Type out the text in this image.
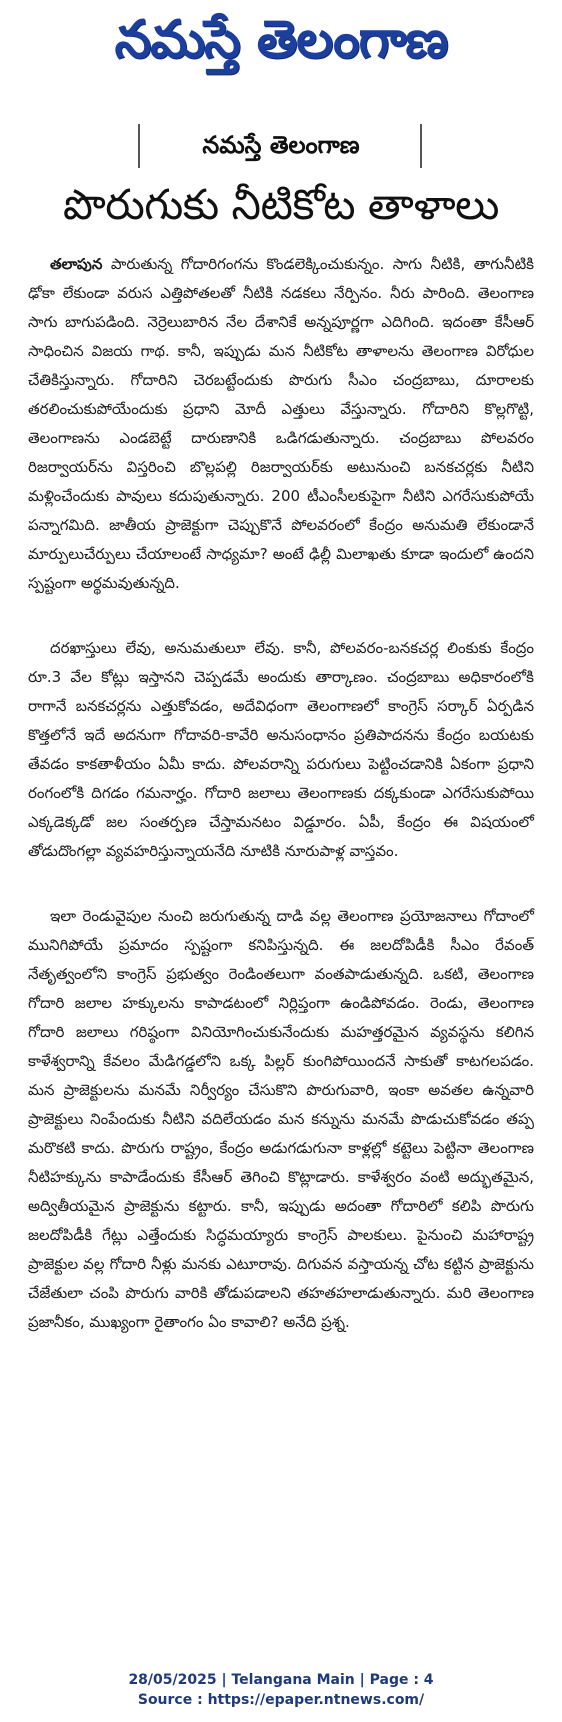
నమస్తే తెలంగాణ
నమస్తే తెలంగాణ
పొరుగుకు నీటికోట తాళాలు

తలాపున పారుతున్న గోదారిగంగను కొండలెక్కించుకున్నం. సాగు నీటికి, తాగునీటికి ఢోకా లేకుండా వరుస ఎత్తిపోతలతో నీటికి నడకలు నేర్పినం. నీరు పారింది. తెలంగాణ సాగు బాగుపడింది. నెర్రెలుబారిన నేల దేశానికే అన్నపూర్ణగా ఎదిగింది. ఇదంతా కేసీఆర్ సాధించిన విజయ గాథ. కానీ, ఇప్పుడు మన నీటికోట తాళాలను తెలంగాణ విరోధుల చేతికిస్తున్నారు. గోదారిని చెరబట్టేందుకు పొరుగు సీఎం చంద్రబాబు, దూరాలకు తరలించుకుపోయేందుకు ప్రధాని మోదీ ఎత్తులు వేస్తున్నారు. గోదారిని కొల్లగొట్టి, తెలంగాణను ఎండబెట్టే దారుణానికి ఒడిగడుతున్నారు. చంద్రబాబు పోలవరం రిజర్వాయర్‌ను విస్తరించి బొల్లపల్లి రిజర్వాయర్‌కు అటునుంచి బనకచర్లకు నీటిని మళ్లించేందుకు పావులు కదుపుతున్నారు. 200 టీఎంసీలకుపైగా నీటిని ఎగరేసుకుపోయే పన్నాగమిది. జాతీయ ప్రాజెక్టుగా చెప్పుకొనే పోలవరంలో కేంద్రం అనుమతి లేకుండానే మార్పులుచేర్పులు చేయాలంటే సాధ్యమా? అంటే ఢిల్లీ మిలాఖతు కూడా ఇందులో ఉందని స్పష్టంగా అర్థమవుతున్నది.

దరఖాస్తులు లేవు, అనుమతులూ లేవు. కానీ, పోలవరం-బనకచర్ల లింకుకు కేంద్రం రూ.3 వేల కోట్లు ఇస్తానని చెప్పడమే అందుకు తార్కాణం. చంద్రబాబు అధికారంలోకి రాగానే బనకచర్లను ఎత్తుకోవడం, అదేవిధంగా తెలంగాణలో కాంగ్రెస్ సర్కార్ ఏర్పడిన కొత్తలోనే ఇదే అదనుగా గోదావరి-కావేరి అనుసంధానం ప్రతిపాదనను కేంద్రం బయటకు తేవడం కాకతాళీయం ఏమీ కాదు. పోలవరాన్ని పరుగులు పెట్టించడానికి ఏకంగా ప్రధాని రంగంలోకి దిగడం గమనార్హం. గోదారి జలాలు తెలంగాణకు దక్కకుండా ఎగరేసుకుపోయి ఎక్కడెక్కడో జల సంతర్పణ చేస్తామనటం విడ్డూరం. ఏపీ, కేంద్రం ఈ విషయంలో తోడుదొంగల్లా వ్యవహరిస్తున్నాయనేది నూటికి నూరుపాళ్ల వాస్తవం.

ఇలా రెండువైపుల నుంచి జరుగుతున్న దాడి వల్ల తెలంగాణ ప్రయోజనాలు గోదాంలో మునిగిపోయే ప్రమాదం స్పష్టంగా కనిపిస్తున్నది. ఈ జలదోపిడీకి సీఎం రేవంత్ నేతృత్వంలోని కాంగ్రెస్ ప్రభుత్వం రెండింతలుగా వంతపాడుతున్నది. ఒకటి, తెలంగాణ గోదారి జలాల హక్కులను కాపాడటంలో నిర్లిప్తంగా ఉండిపోవడం. రెండు, తెలంగాణ గోదారి జలాలు గరిష్ఠంగా వినియోగించుకునేందుకు మహత్తరమైన వ్యవస్థను కలిగిన కాళేశ్వరాన్ని కేవలం మేడిగడ్డలోని ఒక్క పిల్లర్ కుంగిపోయిందనే సాకుతో కాటగలపడం. మన ప్రాజెక్టులను మనమే నిర్వీర్యం చేసుకొని పొరుగువారి, ఇంకా అవతల ఉన్నవారి ప్రాజెక్టులు నింపేందుకు నీటిని వదిలేయడం మన కన్నును మనమే పొడుచుకోవడం తప్ప మరొకటి కాదు. పొరుగు రాష్ట్రం, కేంద్రం అడుగడుగునా కాళ్లల్లో కట్టెలు పెట్టినా తెలంగాణ నీటిహక్కును కాపాడేందుకు కేసీఆర్ తెగించి కొట్లాడారు. కాళేశ్వరం వంటి అద్భుతమైన, అద్వితీయమైన ప్రాజెక్టును కట్టారు. కానీ, ఇప్పుడు అదంతా గోదారిలో కలిపి పొరుగు జలదోపిడీకి గేట్లు ఎత్తేందుకు సిద్ధమయ్యారు కాంగ్రెస్ పాలకులు. పైనుంచి మహారాష్ట్ర ప్రాజెక్టుల వల్ల గోదారి నీళ్లు మనకు ఎటూరావు. దిగువన వస్తాయన్న చోట కట్టిన ప్రాజెక్టును చేజేతులా చంపి పొరుగు వారికి తోడుపడాలని తహతహలాడుతున్నారు. మరి తెలంగాణ ప్రజానీకం, ముఖ్యంగా రైతాంగం ఏం కావాలి? అనేది ప్రశ్న.

28/05/2025 | Telangana Main | Page : 4
Source : https://epaper.ntnews.com/
